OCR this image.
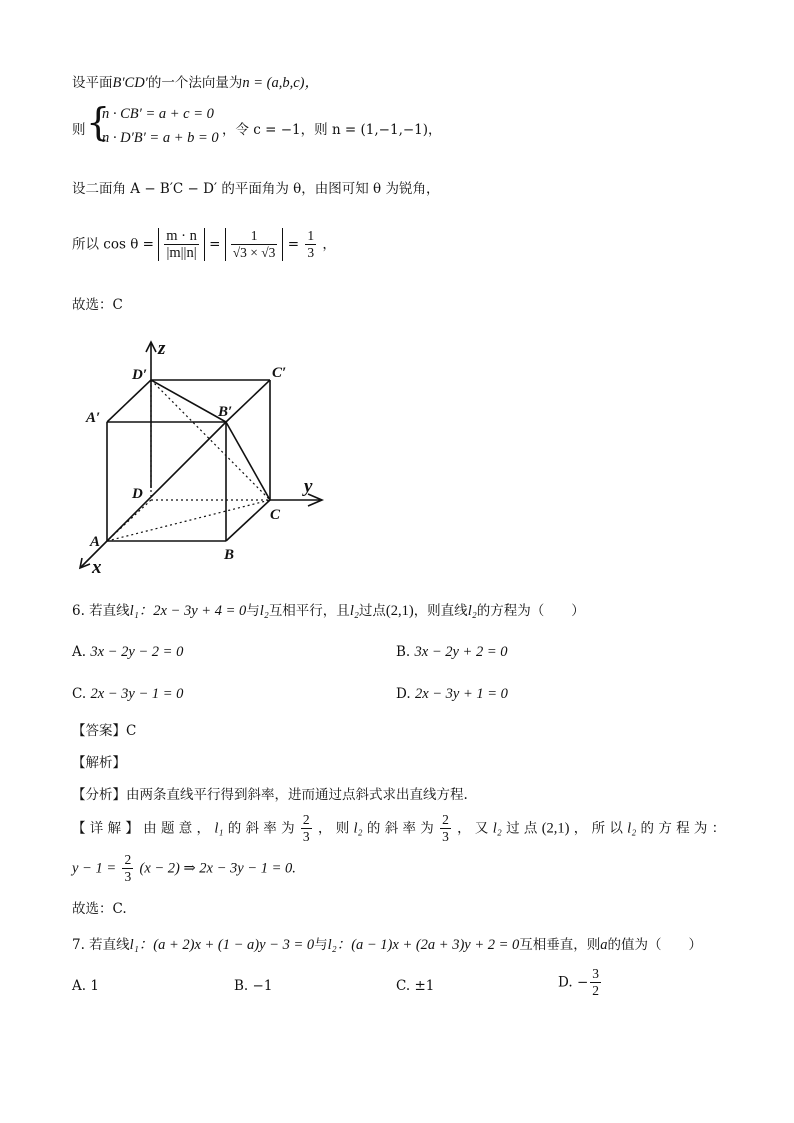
设平面B′CD′的一个法向量为n = (a,b,c)，
则 {
n · CB′ = a + c = 0
n · D′B′ = a + b = 0 ，令 c = −1，则 n = (1,−1,−1)，
设二面角 A − B′C − D′ 的平面角为 θ，由图可知 θ 为锐角，
所以 $\cos \theta = \frac{m \cdot n}{|m||n|} = \frac{1}{√3 \times √3} = \frac{1}{3}$ ，
故选：C
z
y
x
D′	C′
A′	B′
D
C
A
B
6. 若直线l₁：2x − 3y + 4 = 0与l₂互相平行，且l₂过点(2,1)，则直线l₂的方程为（　　）
A. 3x − 2y − 2 = 0	B. 3x − 2y + 2 = 0
C. 2x − 3y − 1 = 0	D. 2x − 3y + 1 = 0
【答案】C
【解析】
【分析】由两条直线平行得到斜率，进而通过点斜式求出直线方程.
【 详 解 】 由 题 意 ， l₁ 的 斜 率 为 $\frac{2}{3}$ ， 则 l₂ 的 斜 率 为 $\frac{2}{3}$ ， 又 l₂ 过 点 (2,1) ， 所 以 l₂ 的 方 程 为 ：
$y - 1 = \frac{2}{3} (x - 2)$ ⇒ 2x − 3y − 1 = 0.
故选：C.
7. 若直线l₁：(a + 2)x + (1 − a)y − 3 = 0与l₂：(a − 1)x + (2a + 3)y + 2 = 0互相垂直，则a的值为（　　）
A. 1	B. −1	C. ±1	D. − $\frac{3}{2}$
